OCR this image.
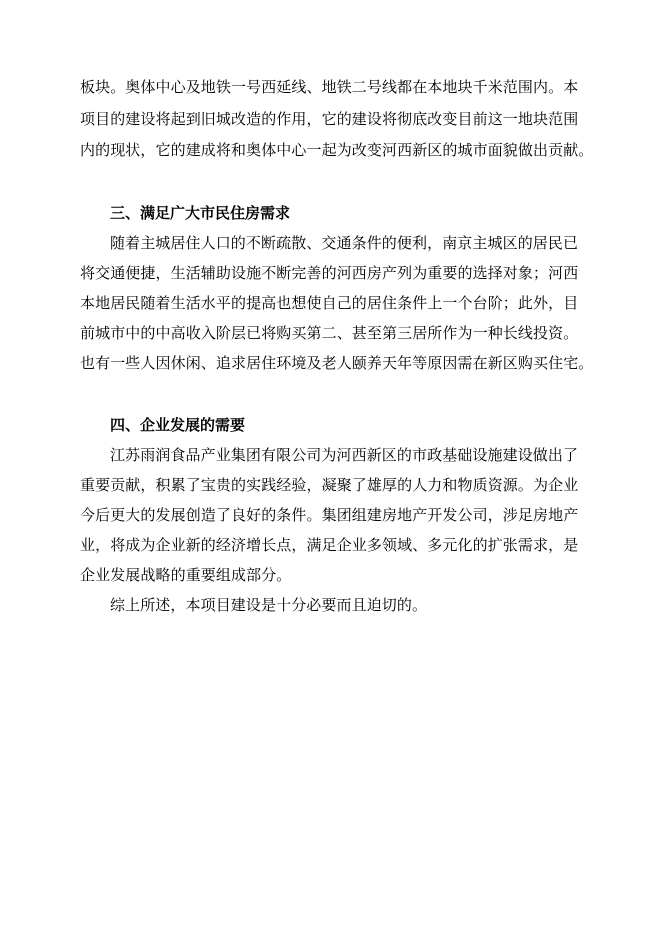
板块。奥体中心及地铁一号西延线、地铁二号线都在本地块千米范围内。本
项目的建设将起到旧城改造的作用，它的建设将彻底改变目前这一地块范围
内的现状，它的建成将和奥体中心一起为改变河西新区的城市面貌做出贡献。
三、满足广大市民住房需求
随着主城居住人口的不断疏散、交通条件的便利，南京主城区的居民已
将交通便捷，生活辅助设施不断完善的河西房产列为重要的选择对象；河西
本地居民随着生活水平的提高也想使自己的居住条件上一个台阶；此外，目
前城市中的中高收入阶层已将购买第二、甚至第三居所作为一种长线投资。
也有一些人因休闲、追求居住环境及老人颐养天年等原因需在新区购买住宅。
四、企业发展的需要
江苏雨润食品产业集团有限公司为河西新区的市政基础设施建设做出了
重要贡献，积累了宝贵的实践经验，凝聚了雄厚的人力和物质资源。为企业
今后更大的发展创造了良好的条件。集团组建房地产开发公司，涉足房地产
业，将成为企业新的经济增长点，满足企业多领域、多元化的扩张需求，是
企业发展战略的重要组成部分。
综上所述，本项目建设是十分必要而且迫切的。
